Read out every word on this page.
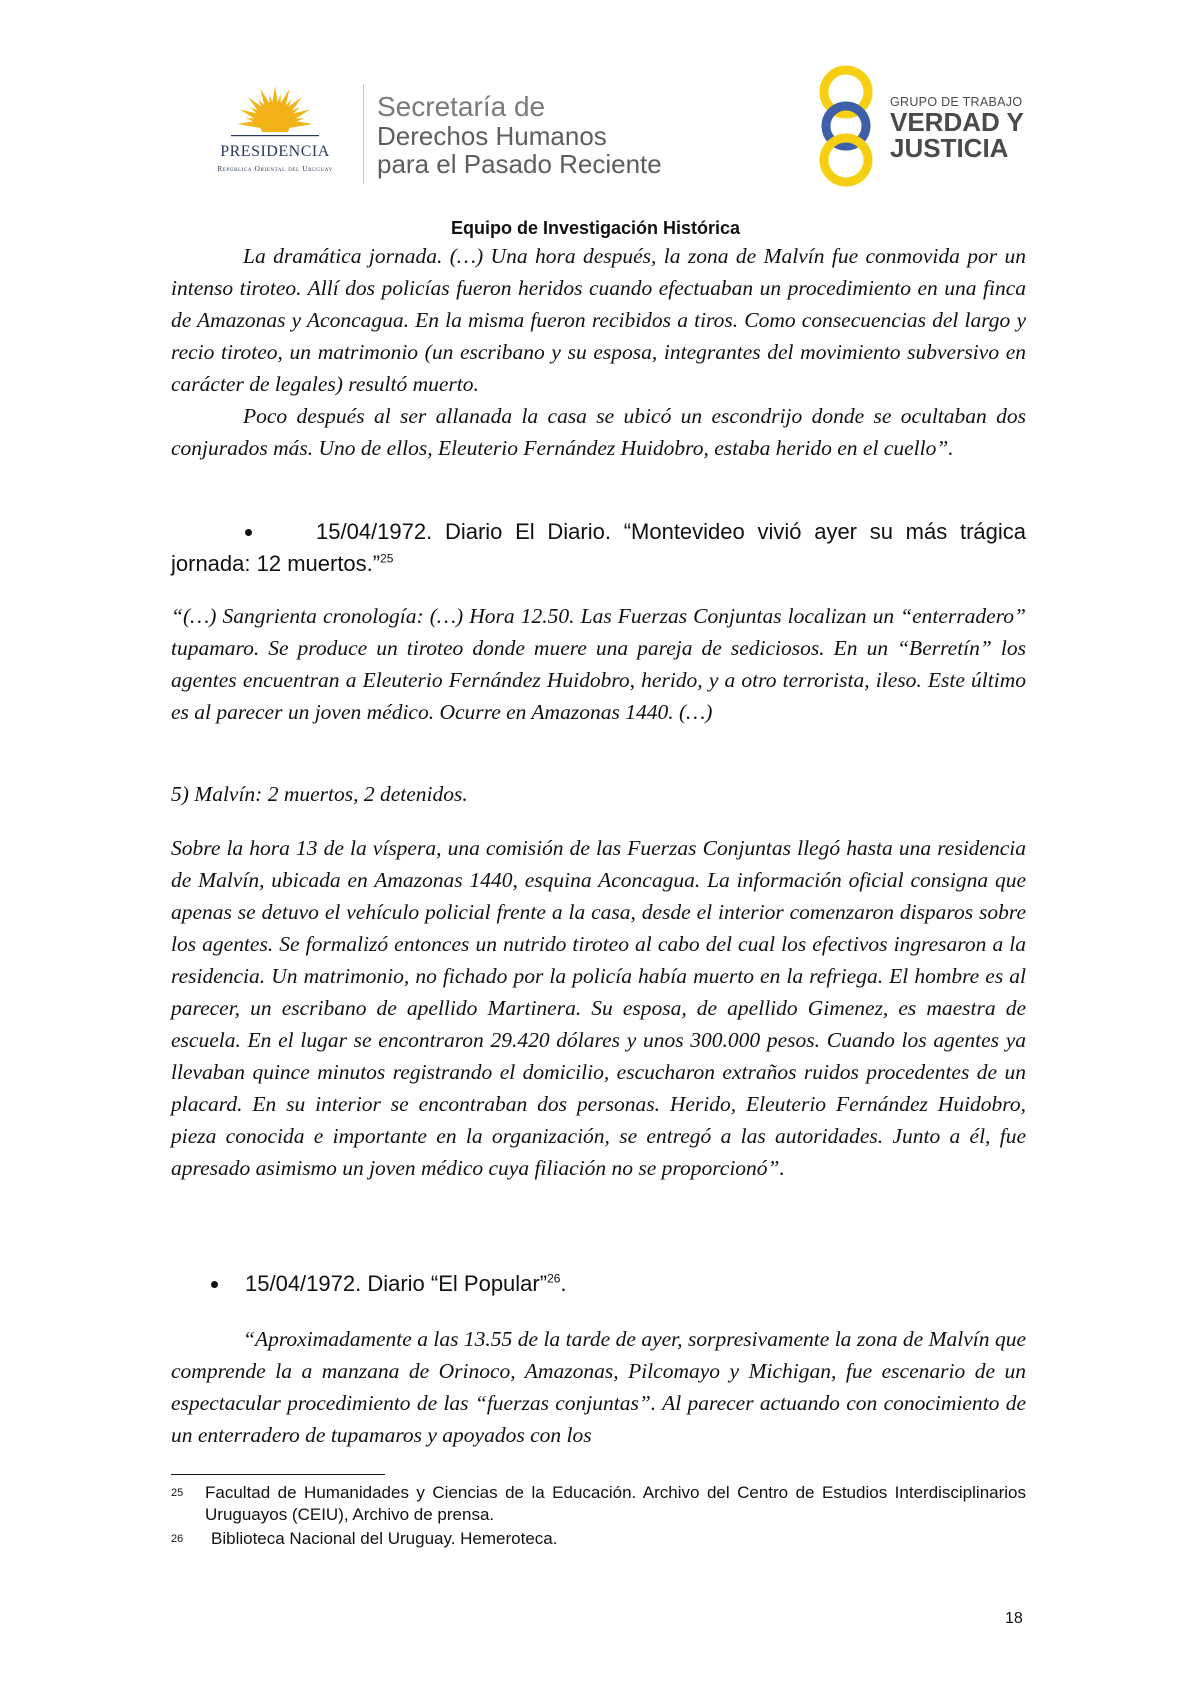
PRESIDENCIA
República Oriental del Uruguay
Secretaría de
Derechos Humanos
para el Pasado Reciente
GRUPO DE TRABAJO
VERDAD Y
JUSTICIA
Equipo de Investigación Histórica

La dramática jornada. (…) Una hora después, la zona de Malvín fue conmovida por un intenso tiroteo. Allí dos policías fueron heridos cuando efectuaban un procedimiento en una finca de Amazonas y Aconcagua. En la misma fueron recibidos a tiros. Como consecuencias del largo y recio tiroteo, un matrimonio (un escribano y su esposa, integrantes del movimiento subversivo en carácter de legales) resultó muerto.

Poco después al ser allanada la casa se ubicó un escondrijo donde se ocultaban dos conjurados más. Uno de ellos, Eleuterio Fernández Huidobro, estaba herido en el cuello”.

15/04/1972. Diario El Diario. “Montevideo vivió ayer su más trágica jornada: 12 muertos.”$^{25}$

“(…) Sangrienta cronología: (…) Hora 12.50. Las Fuerzas Conjuntas localizan un “enterradero” tupamaro. Se produce un tiroteo donde muere una pareja de sediciosos. En un “Berretín” los agentes encuentran a Eleuterio Fernández Huidobro, herido, y a otro terrorista, ileso. Este último es al parecer un joven médico. Ocurre en Amazonas 1440. (…)

5) Malvín: 2 muertos, 2 detenidos.

Sobre la hora 13 de la víspera, una comisión de las Fuerzas Conjuntas llegó hasta una residencia de Malvín, ubicada en Amazonas 1440, esquina Aconcagua. La información oficial consigna que apenas se detuvo el vehículo policial frente a la casa, desde el interior comenzaron disparos sobre los agentes. Se formalizó entonces un nutrido tiroteo al cabo del cual los efectivos ingresaron a la residencia. Un matrimonio, no fichado por la policía había muerto en la refriega. El hombre es al parecer, un escribano de apellido Martinera. Su esposa, de apellido Gimenez, es maestra de escuela. En el lugar se encontraron 29.420 dólares y unos 300.000 pesos. Cuando los agentes ya llevaban quince minutos registrando el domicilio, escucharon extraños ruidos procedentes de un placard. En su interior se encontraban dos personas. Herido, Eleuterio Fernández Huidobro, pieza conocida e importante en la organización, se entregó a las autoridades. Junto a él, fue apresado asimismo un joven médico cuya filiación no se proporcionó”.

15/04/1972. Diario “El Popular”$^{26}$.

“Aproximadamente a las 13.55 de la tarde de ayer, sorpresivamente la zona de Malvín que comprende la a manzana de Orinoco, Amazonas, Pilcomayo y Michigan, fue escenario de un espectacular procedimiento de las “fuerzas conjuntas”. Al parecer actuando con conocimiento de un enterradero de tupamaros y apoyados con los

25 Facultad de Humanidades y Ciencias de la Educación. Archivo del Centro de Estudios Interdisciplinarios Uruguayos (CEIU), Archivo de prensa.
26 Biblioteca Nacional del Uruguay. Hemeroteca.
18
